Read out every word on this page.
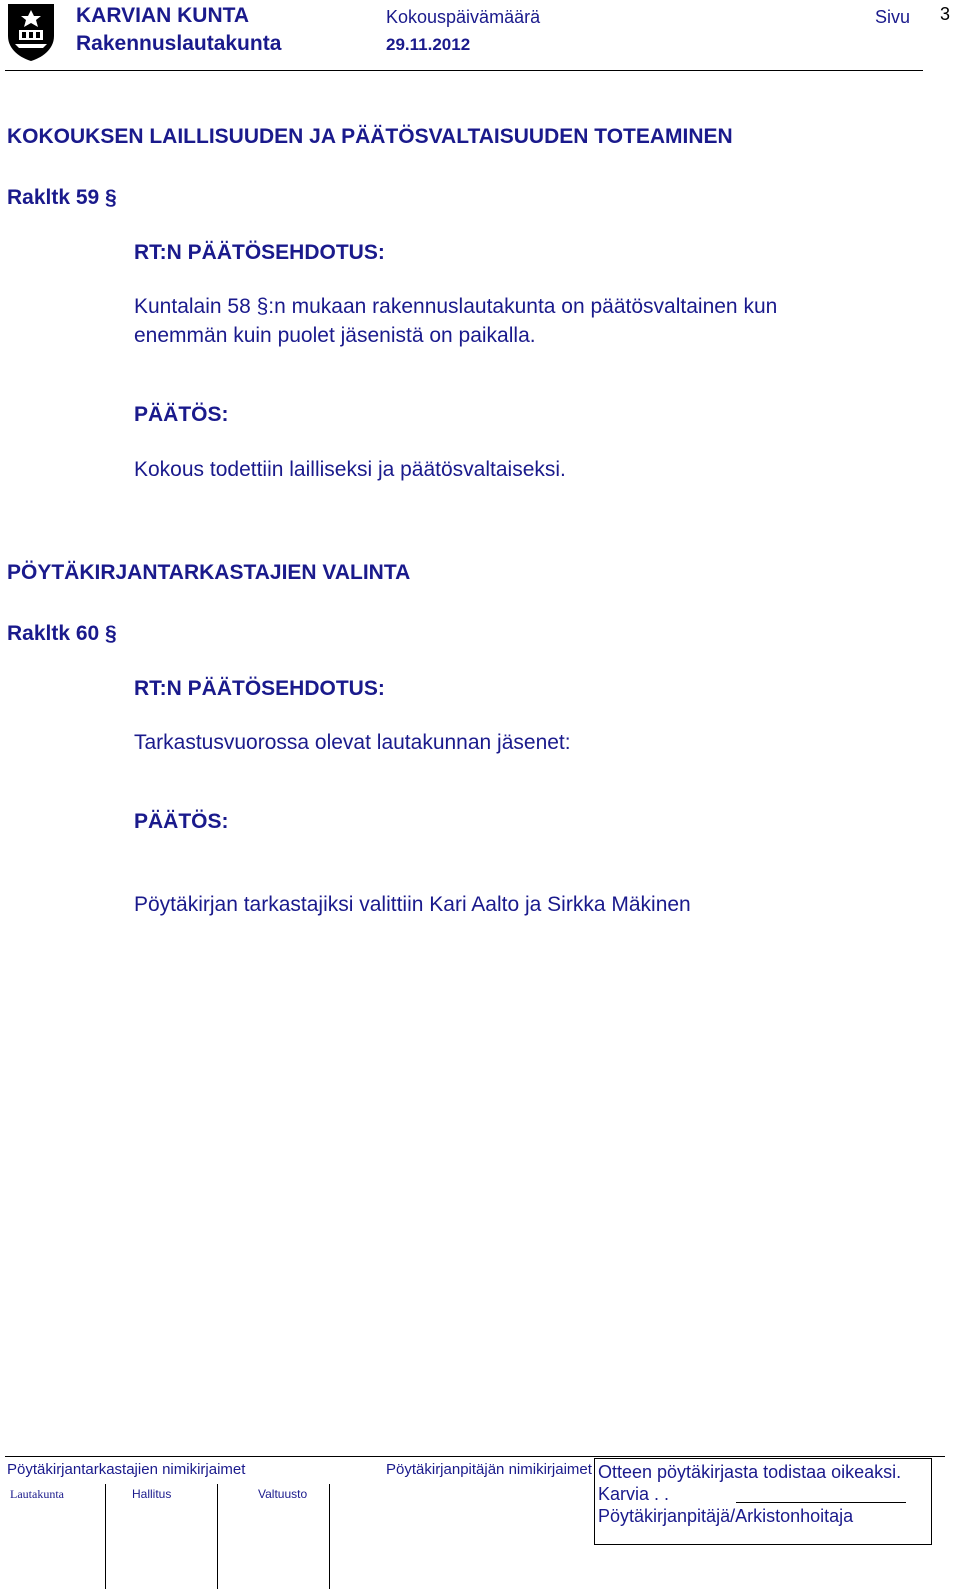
KARVIAN KUNTA
Rakennuslautakunta
Kokouspäivämäärä
29.11.2012
Sivu 3
KOKOUKSEN LAILLISUUDEN JA PÄÄTÖSVALTAISUUDEN TOTEAMINEN
Rakltk 59 §
RT:N PÄÄTÖSEHDOTUS:
Kuntalain 58 §:n mukaan rakennuslautakunta on päätösvaltainen kun
enemmän kuin puolet jäsenistä on paikalla.
PÄÄTÖS:
Kokous todettiin lailliseksi ja päätösvaltaiseksi.
PÖYTÄKIRJANTARKASTAJIEN VALINTA
Rakltk 60 §
RT:N PÄÄTÖSEHDOTUS:
Tarkastusvuorossa olevat lautakunnan jäsenet:
PÄÄTÖS:
Pöytäkirjan tarkastajiksi valittiin Kari Aalto ja Sirkka Mäkinen
Pöytäkirjantarkastajien nimikirjaimet	Pöytäkirjanpitäjän nimikirjaimet
Lautakunta	Hallitus	Valtuusto
Otteen pöytäkirjasta todistaa oikeaksi.
Karvia . .
Pöytäkirjanpitäjä/Arkistonhoitaja
